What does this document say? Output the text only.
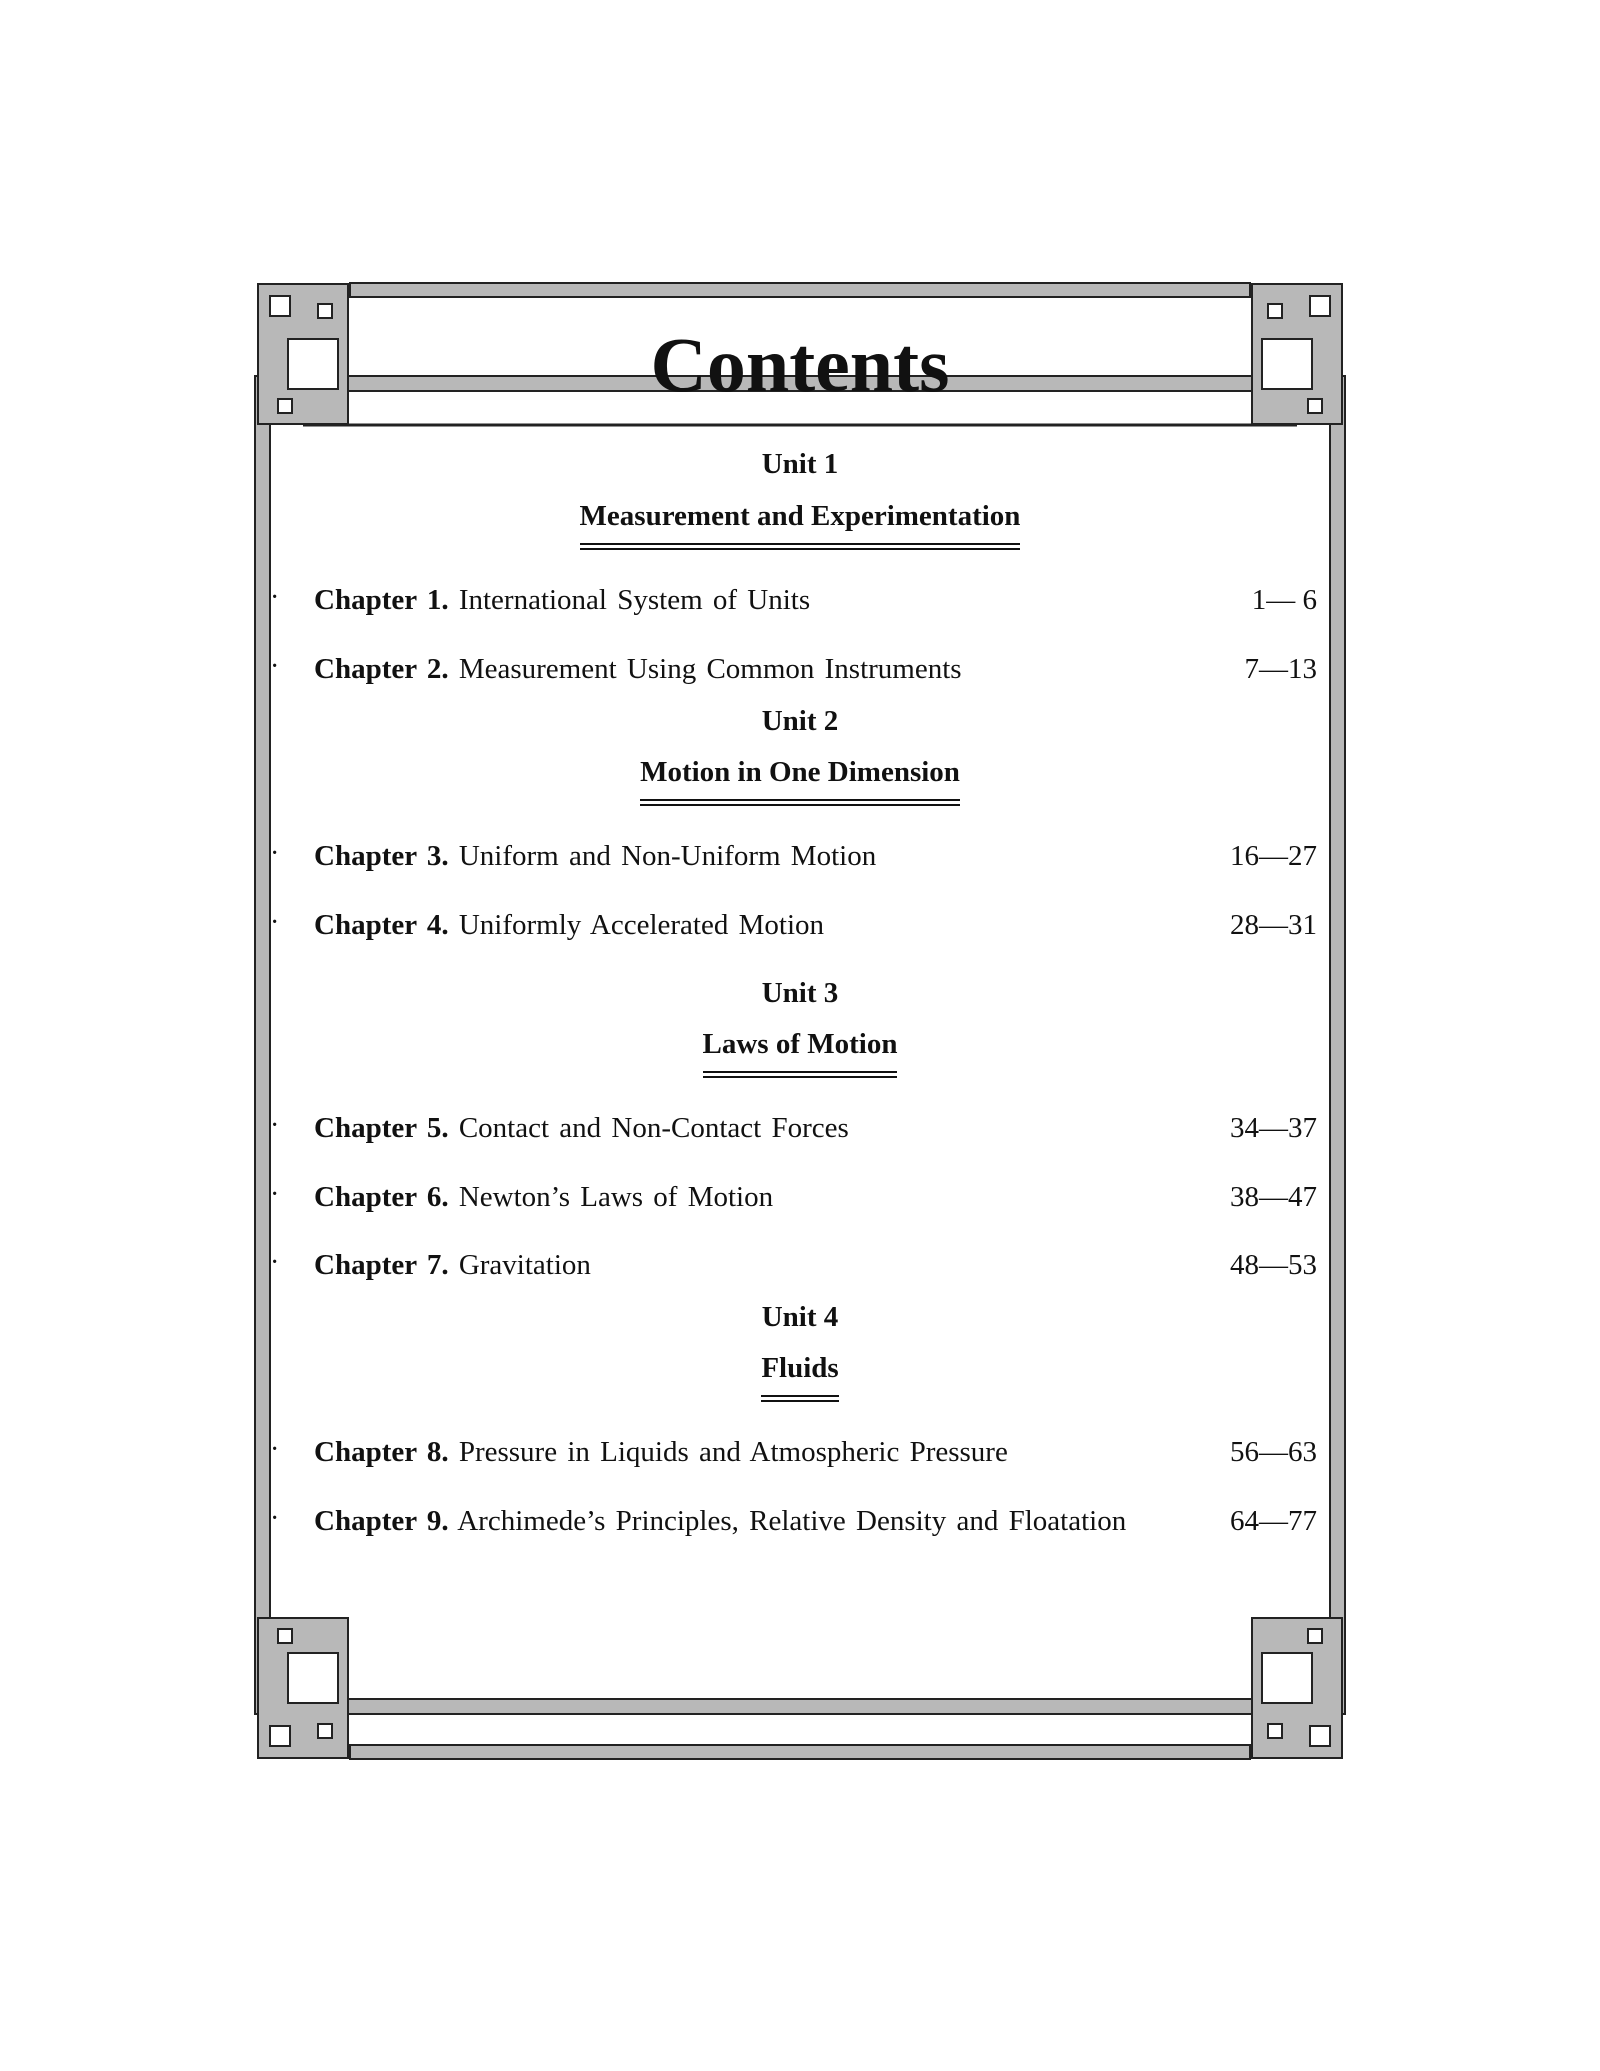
Contents
Unit 1
Measurement and Experimentation
· Chapter 1. International System of Units	1— 6
· Chapter 2. Measurement Using Common Instruments	7—13
Unit 2
Motion in One Dimension
· Chapter 3. Uniform and Non-Uniform Motion	16—27
· Chapter 4. Uniformly Accelerated Motion	28—31
Unit 3
Laws of Motion
· Chapter 5. Contact and Non-Contact Forces	34—37
· Chapter 6. Newton’s Laws of Motion	38—47
· Chapter 7. Gravitation	48—53
Unit 4
Fluids
· Chapter 8. Pressure in Liquids and Atmospheric Pressure	56—63
· Chapter 9. Archimede’s Principles, Relative Density and Floatation	64—77
